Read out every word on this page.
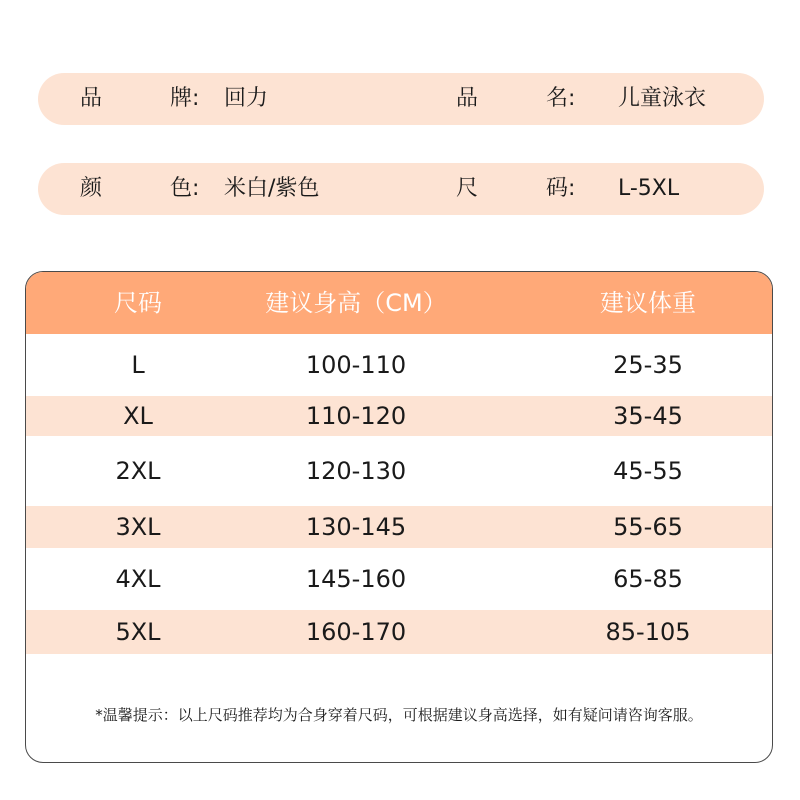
品牌 : 回力	品名 : 儿童泳衣
颜色 : 米白/紫色	尺码 : L-5XL
尺码	建议身高（CM）	建议体重
L	100-110	25-35
XL	110-120	35-45
2XL	120-130	45-55
3XL	130-145	55-65
4XL	145-160	65-85
5XL	160-170	85-105
*温馨提示：以上尺码推荐均为合身穿着尺码，可根据建议身高选择，如有疑问请咨询客服。
